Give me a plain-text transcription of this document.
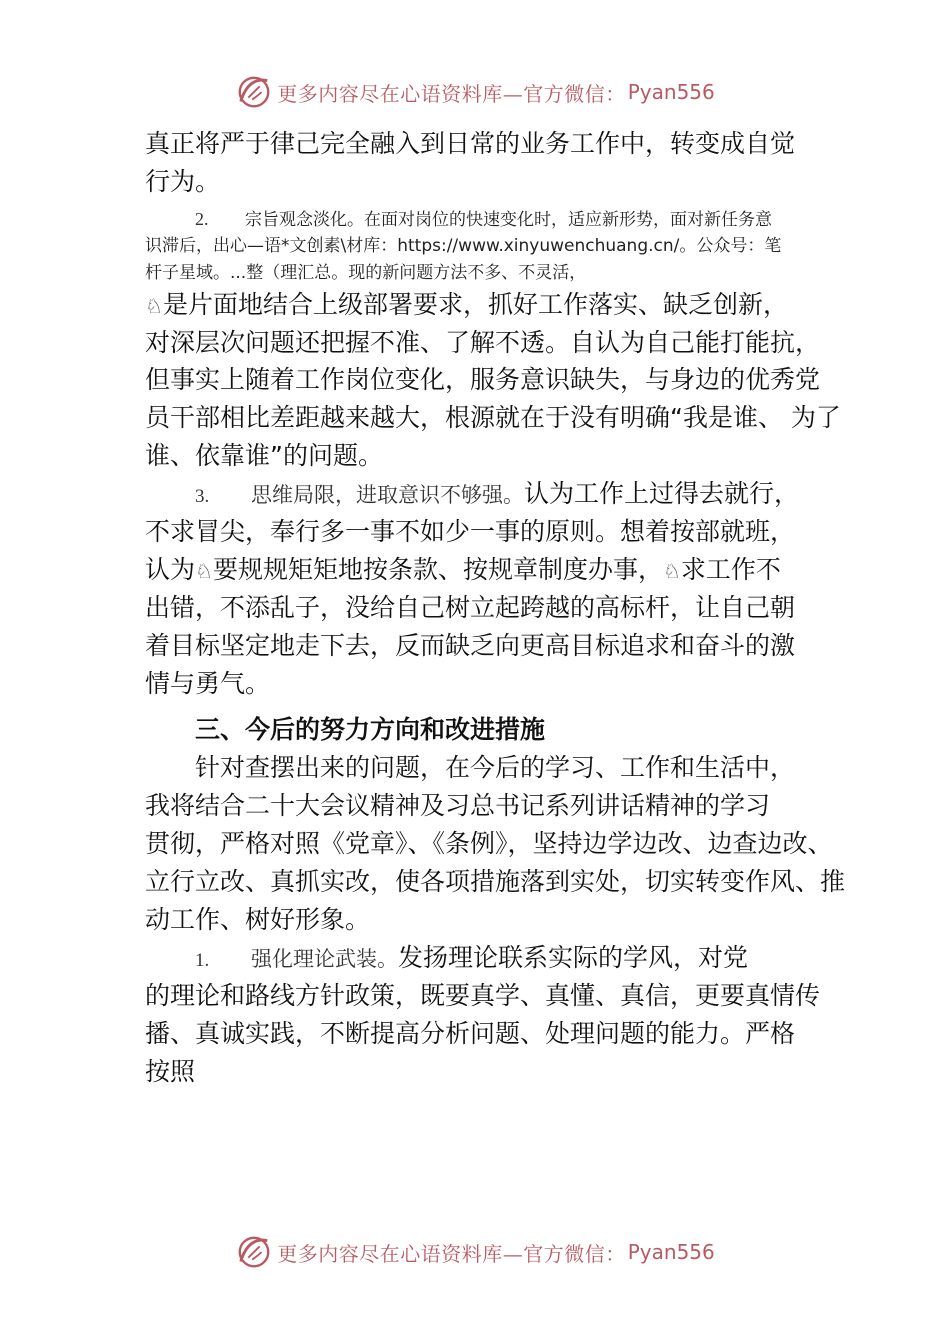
更多内容尽在心语资料库—官方微信： Pyan556
真正将严于律己完全融入到日常的业务工作中，转变成自觉
行为。
2. 宗旨观念淡化。在面对岗位的快速变化时，适应新形势，面对新任务意
识滞后，出心—语*文创素\材库：https://www.xinyuwenchuang.cn/。公众号：笔
杆子星域。...整（理汇总。现的新问题方法不多、不灵活，
♘是片面地结合上级部署要求，抓好工作落实、缺乏创新，
对深层次问题还把握不准、了解不透。自认为自己能打能抗，
但事实上随着工作岗位变化，服务意识缺失，与身边的优秀党
员干部相比差距越来越大，根源就在于没有明确“我是谁、 为了
谁、依靠谁”的问题。
3. 思维局限，进取意识不够强。认为工作上过得去就行，
不求冒尖，奉行多一事不如少一事的原则。想着按部就班，
认为♘要规规矩矩地按条款、按规章制度办事，♘求工作不
出错，不添乱子，没给自己树立起跨越的高标杆，让自己朝
着目标坚定地走下去，反而缺乏向更高目标追求和奋斗的激
情与勇气。
三、今后的努力方向和改进措施
针对查摆出来的问题，在今后的学习、工作和生活中，
我将结合二十大会议精神及习总书记系列讲话精神的学习
贯彻，严格对照《党章》、《条例》，坚持边学边改、边查边改、
立行立改、真抓实改，使各项措施落到实处，切实转变作风、推
动工作、树好形象。
1. 强化理论武装。发扬理论联系实际的学风，对党
的理论和路线方针政策，既要真学、真懂、真信，更要真情传
播、真诚实践，不断提高分析问题、处理问题的能力。严格
按照
更多内容尽在心语资料库—官方微信： Pyan556
